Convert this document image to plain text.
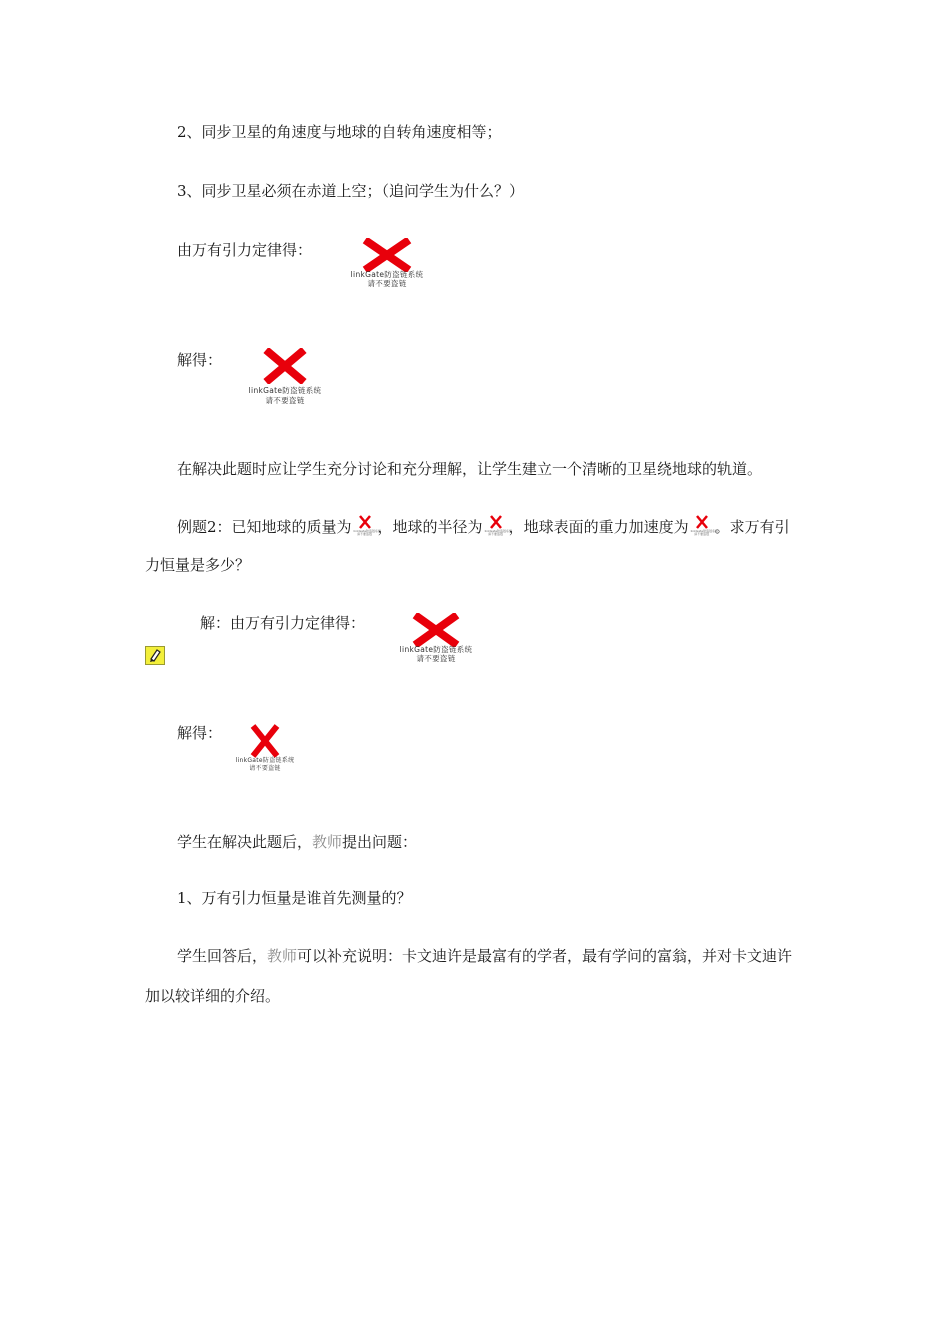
2、同步卫星的角速度与地球的自转角速度相等；
3、同步卫星必须在赤道上空；（追问学生为什么？）
由万有引力定律得：
linkGate防盗链系统
请不要盗链
解得：
linkGate防盗链系统
请不要盗链
在解决此题时应让学生充分讨论和充分理解，让学生建立一个清晰的卫星绕地球的轨道。
例题2：已知地球的质量为 linkGate防盗链系统
请不要盗链 ，地球的半径为 linkGate防盗链系统
请不要盗链 ，地球表面的重力加速度为 linkGate防盗链系统
请不要盗链 。求万有引
力恒量是多少？
解：由万有引力定律得：
linkGate防盗链系统
请不要盗链
解得：
linkGate防盗链系统
请不要盗链
学生在解决此题后，教师提出问题：
1、万有引力恒量是谁首先测量的？
学生回答后，教师可以补充说明：卡文迪许是最富有的学者，最有学问的富翁，并对卡文迪许
加以较详细的介绍。
